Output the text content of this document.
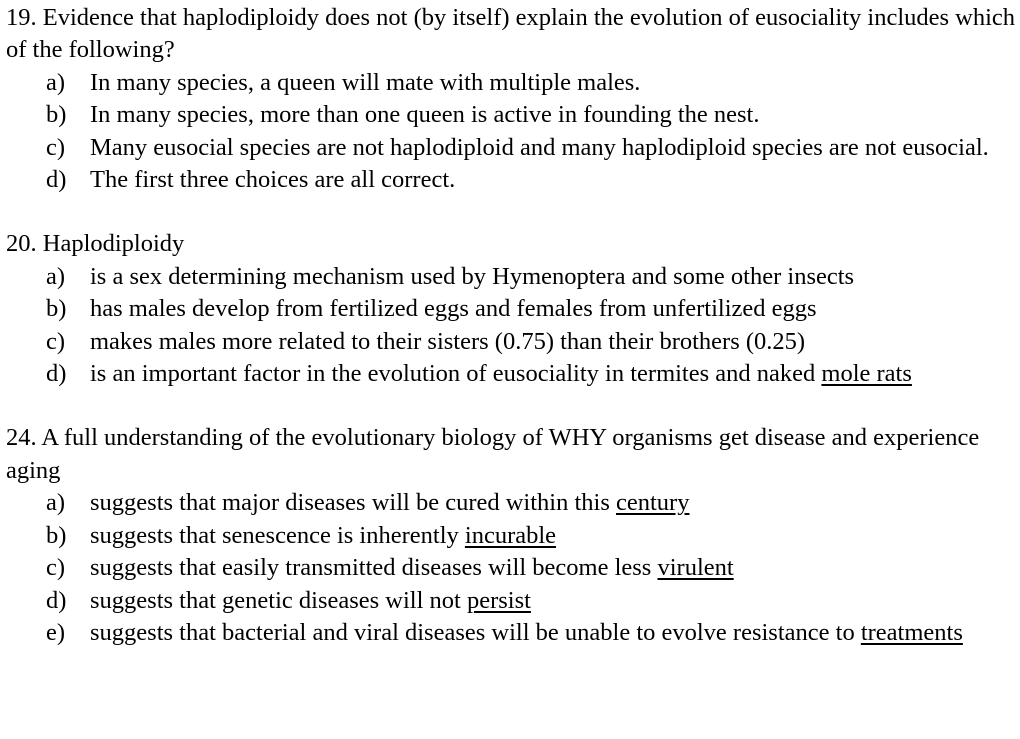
19. Evidence that haplodiploidy does not (by itself) explain the evolution of eusociality includes which of the following?

a) In many species, a queen will mate with multiple males.
b) In many species, more than one queen is active in founding the nest.
c) Many eusocial species are not haplodiploid and many haplodiploid species are not eusocial.
d) The first three choices are all correct.

20. Haplodiploidy

a) is a sex determining mechanism used by Hymenoptera and some other insects
b) has males develop from fertilized eggs and females from unfertilized eggs
c) makes males more related to their sisters (0.75) than their brothers (0.25)
d) is an important factor in the evolution of eusociality in termites and naked mole rats

24. A full understanding of the evolutionary biology of WHY organisms get disease and experience aging

a) suggests that major diseases will be cured within this century
b) suggests that senescence is inherently incurable
c) suggests that easily transmitted diseases will become less virulent
d) suggests that genetic diseases will not persist
e) suggests that bacterial and viral diseases will be unable to evolve resistance to treatments
